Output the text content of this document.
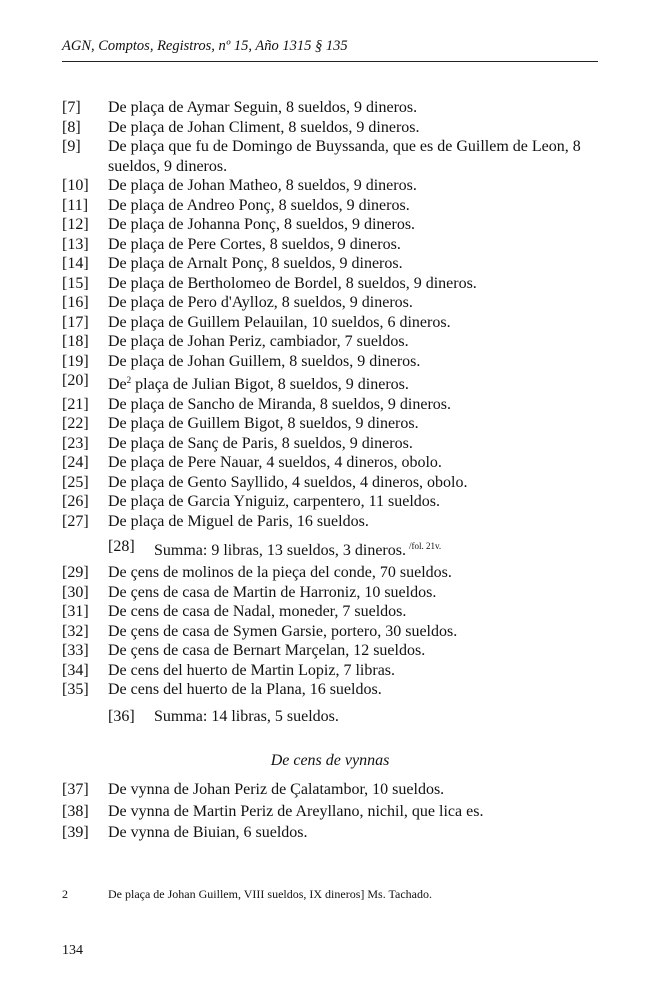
AGN, Comptos, Registros, nº 15, Año 1315 § 135
[7]	De plaça de Aymar Seguin, 8 sueldos, 9 dineros.
[8]	De plaça de Johan Climent, 8 sueldos, 9 dineros.
[9]	De plaça que fu de Domingo de Buyssanda, que es de Guillem de Leon, 8 sueldos, 9 dineros.
[10]	De plaça de Johan Matheo, 8 sueldos, 9 dineros.
[11]	De plaça de Andreo Ponç, 8 sueldos, 9 dineros.
[12]	De plaça de Johanna Ponç, 8 sueldos, 9 dineros.
[13]	De plaça de Pere Cortes, 8 sueldos, 9 dineros.
[14]	De plaça de Arnalt Ponç, 8 sueldos, 9 dineros.
[15]	De plaça de Bertholomeo de Bordel, 8 sueldos, 9 dineros.
[16]	De plaça de Pero d'Aylloz, 8 sueldos, 9 dineros.
[17]	De plaça de Guillem Pelauilan, 10 sueldos, 6 dineros.
[18]	De plaça de Johan Periz, cambiador, 7 sueldos.
[19]	De plaça de Johan Guillem, 8 sueldos, 9 dineros.
[20]	De$^2$ plaça de Julian Bigot, 8 sueldos, 9 dineros.
[21]	De plaça de Sancho de Miranda, 8 sueldos, 9 dineros.
[22]	De plaça de Guillem Bigot, 8 sueldos, 9 dineros.
[23]	De plaça de Sanç de Paris, 8 sueldos, 9 dineros.
[24]	De plaça de Pere Nauar, 4 sueldos, 4 dineros, obolo.
[25]	De plaça de Gento Sayllido, 4 sueldos, 4 dineros, obolo.
[26]	De plaça de Garcia Yniguiz, carpentero, 11 sueldos.
[27]	De plaça de Miguel de Paris, 16 sueldos.
[28]	Summa: 9 libras, 13 sueldos, 3 dineros. $^{/fol. 21v.}$
[29]	De çens de molinos de la pieça del conde, 70 sueldos.
[30]	De çens de casa de Martin de Harroniz, 10 sueldos.
[31]	De cens de casa de Nadal, moneder, 7 sueldos.
[32]	De çens de casa de Symen Garsie, portero, 30 sueldos.
[33]	De çens de casa de Bernart Marçelan, 12 sueldos.
[34]	De cens del huerto de Martin Lopiz, 7 libras.
[35]	De cens del huerto de la Plana, 16 sueldos.
[36]	Summa: 14 libras, 5 sueldos.
De cens de vynnas
[37]	De vynna de Johan Periz de Çalatambor, 10 sueldos.
[38]	De vynna de Martin Periz de Areyllano, nichil, que lica es.
[39]	De vynna de Biuian, 6 sueldos.
2	De plaça de Johan Guillem, VIII sueldos, IX dineros] Ms. Tachado.
134
